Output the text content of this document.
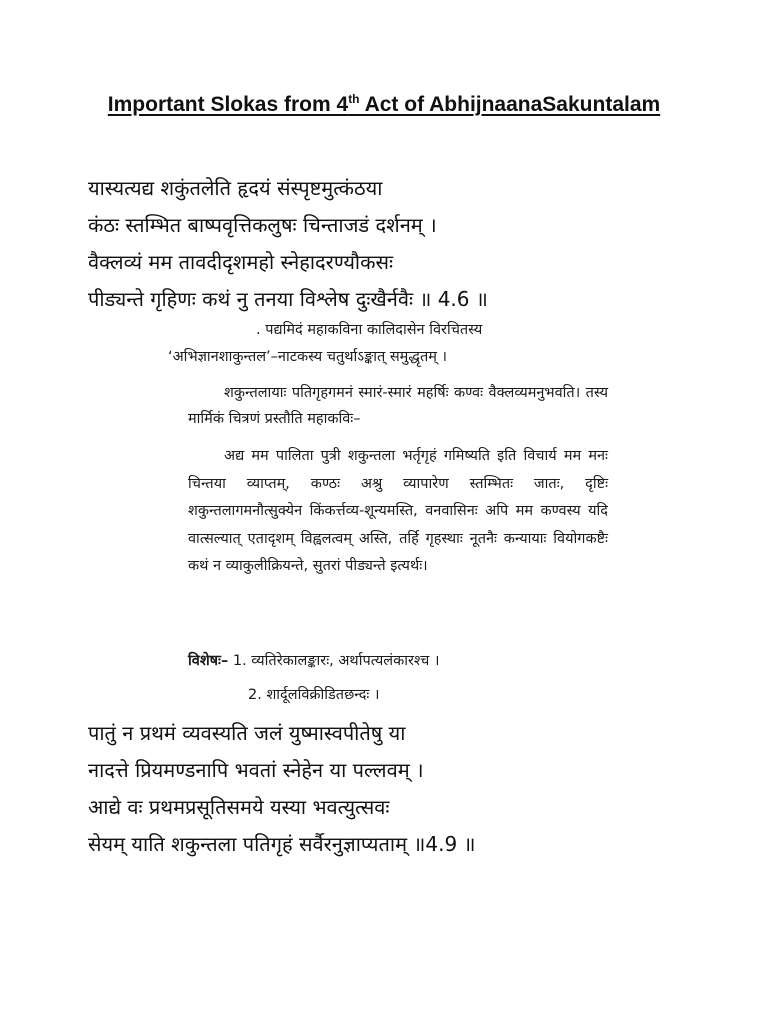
Important Slokas from 4th Act of AbhijnaanaSakuntalam
यास्यत्यद्य शकुंतलेति हृदयं संस्पृष्टमुत्कंठया
कंठः स्तम्भित बाष्पवृत्तिकलुषः चिन्ताजडं दर्शनम् ।
वैक्लव्यं मम तावदीदृशमहो स्नेहादरण्यौकसः
पीड्यन्ते गृहिणः कथं नु तनया विश्लेष दुःखैर्नवैः ॥ 4.6 ॥
. पद्यमिदं महाकविना कालिदासेन विरचितस्य
‘अभिज्ञानशाकुन्तल’–नाटकस्य चतुर्थाऽङ्कात् समुद्धृतम् ।
शकुन्तलायाः पतिगृहगमनं स्मारं-स्मारं महर्षिः कण्वः वैक्लव्यमनुभवति। तस्य मार्मिकं चित्रणं प्रस्तौति महाकविः–
अद्य मम पालिता पुत्री शकुन्तला भर्तृगृहं गमिष्यति इति विचार्य मम मनः चिन्तया व्याप्तम्, कण्ठः अश्रु व्यापारेण स्तम्भितः जातः, दृष्टिः शकुन्तलागमनौत्सुक्येन किंकर्त्तव्य-शून्यमस्ति, वनवासिनः अपि मम कण्वस्य यदि वात्सल्यात् एतादृशम् विह्वलत्वम् अस्ति, तर्हि गृहस्थाः नूतनैः कन्यायाः वियोगकष्टैः कथं न व्याकुलीक्रियन्ते, सुतरां पीड्यन्ते इत्यर्थः।
विशेषः– 1. व्यतिरेकालङ्कारः, अर्थापत्यलंकारश्च ।
2. शार्दूलविक्रीडितछन्दः ।
पातुं न प्रथमं व्यवस्यति जलं युष्मास्वपीतेषु या
नादत्ते प्रियमण्डनापि भवतां स्नेहेन या पल्लवम् ।
आद्ये वः प्रथमप्रसूतिसमये यस्या भवत्युत्सवः
सेयम् याति शकुन्तला पतिगृहं सर्वैरनुज्ञाप्यताम् ॥4.9 ॥
